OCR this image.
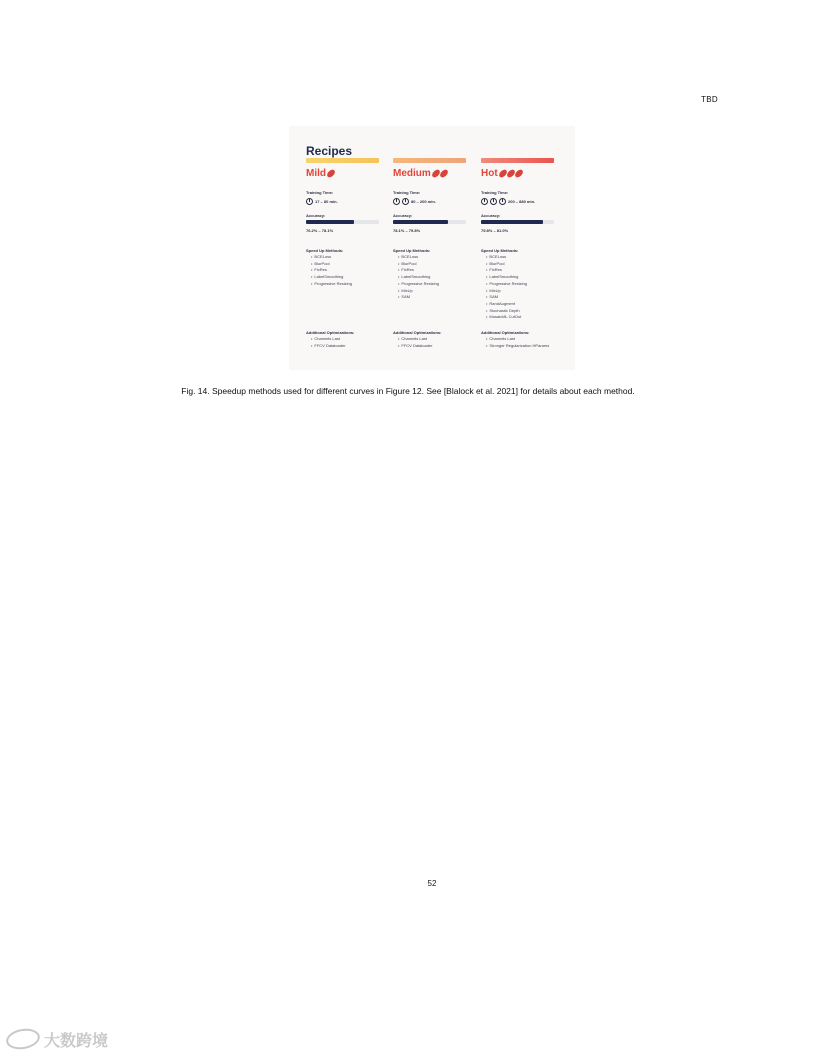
TBD
Recipes
Mild
Training Time:
17 – 80 min.
Accuracy:
76.2% – 78.1%
Speed Up Methods:
• BCELoss
• BlurPool
• FixRes
• LabelSmoothing
• Progressive Resizing
Additional Optimizations:
• Channels Last
• FFCV Dataloader
Medium
Training Time:
80 – 200 min.
Accuracy:
78.1% – 79.8%
Speed Up Methods:
• BCELoss
• BlurPool
• FixRes
• LabelSmoothing
• Progressive Resizing
• MixUp
• SAM
Additional Optimizations:
• Channels Last
• FFCV Dataloader
Hot
Training Time:
200 – 880 min.
Accuracy:
79.8% – 81.0%
Speed Up Methods:
• BCELoss
• BlurPool
• FixRes
• LabelSmoothing
• Progressive Resizing
• MixUp
• SAM
• RandAugment
• Stochastic Depth
• MosaicML CutOut
Additional Optimizations:
• Channels Last
• Stronger Regularization HParams
Fig. 14. Speedup methods used for different curves in Figure 12. See [Blalock et al. 2021] for details about each method.
52
大数跨境
